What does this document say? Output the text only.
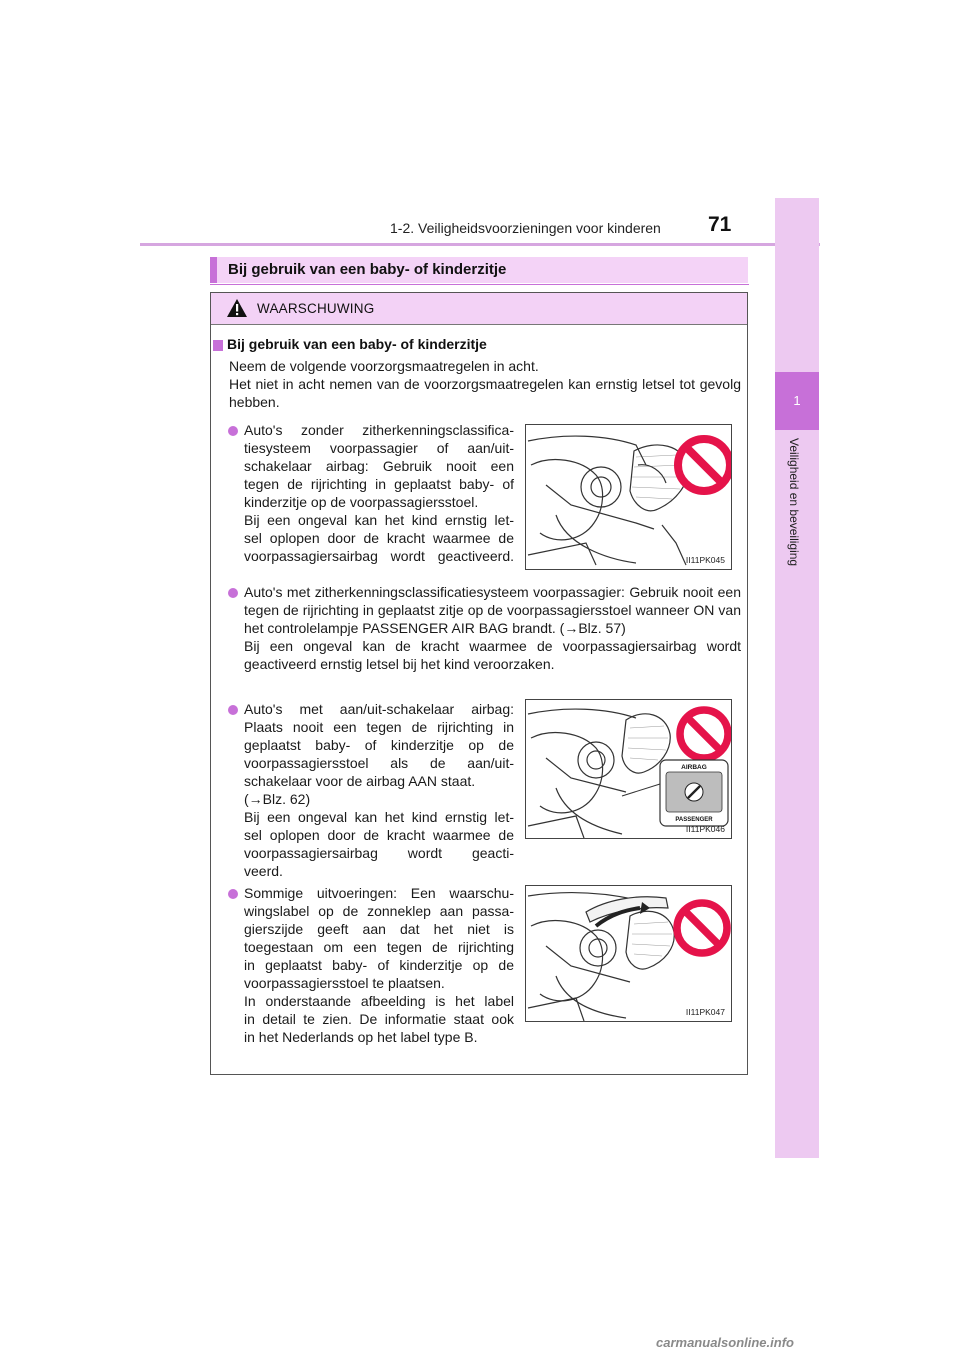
1-2. Veiligheidsvoorzieningen voor kinderen 71
1
Veiligheid en beveiliging
Bij gebruik van een baby- of kinderzitje
WAARSCHUWING
Bij gebruik van een baby- of kinderzitje
Neem de volgende voorzorgsmaatregelen in acht.
Het niet in acht nemen van de voorzorgsmaatregelen kan ernstig letsel tot gevolg hebben.
Auto's zonder zitherkenningsclassifica-
tiesysteem voorpassagier of aan/uit-
schakelaar airbag: Gebruik nooit een
tegen de rijrichting in geplaatst baby- of
kinderzitje op de voorpassagiersstoel.
Bij een ongeval kan het kind ernstig let-
sel oplopen door de kracht waarmee de
voorpassagiersairbag wordt geactiveerd.	II11PK045
Auto's met zitherkenningsclassificatiesysteem voorpassagier: Gebruik nooit een tegen de rijrichting in geplaatst zitje op de voorpassagiersstoel wanneer ON van het controlelampje PASSENGER AIR BAG brandt. (→Blz. 57)
Bij een ongeval kan de kracht waarmee de voorpassagiersairbag wordt geactiveerd ernstig letsel bij het kind veroorzaken.
Auto's met aan/uit-schakelaar airbag:
Plaats nooit een tegen de rijrichting in
geplaatst baby- of kinderzitje op de
voorpassagiersstoel als de aan/uit-
schakelaar voor de airbag AAN staat.
(→Blz. 62)
Bij een ongeval kan het kind ernstig let-
sel oplopen door de kracht waarmee de
voorpassagiersairbag wordt geacti-
veerd.
AIRBAG
PASSENGER
II11PK046
Sommige uitvoeringen: Een waarschu-
wingslabel op de zonneklep aan passa-
gierszijde geeft aan dat het niet is
toegestaan om een tegen de rijrichting
in geplaatst baby- of kinderzitje op de
voorpassagiersstoel te plaatsen.
In onderstaande afbeelding is het label
in detail te zien. De informatie staat ook
in het Nederlands op het label type B.
II11PK047
carmanualsonline.info
